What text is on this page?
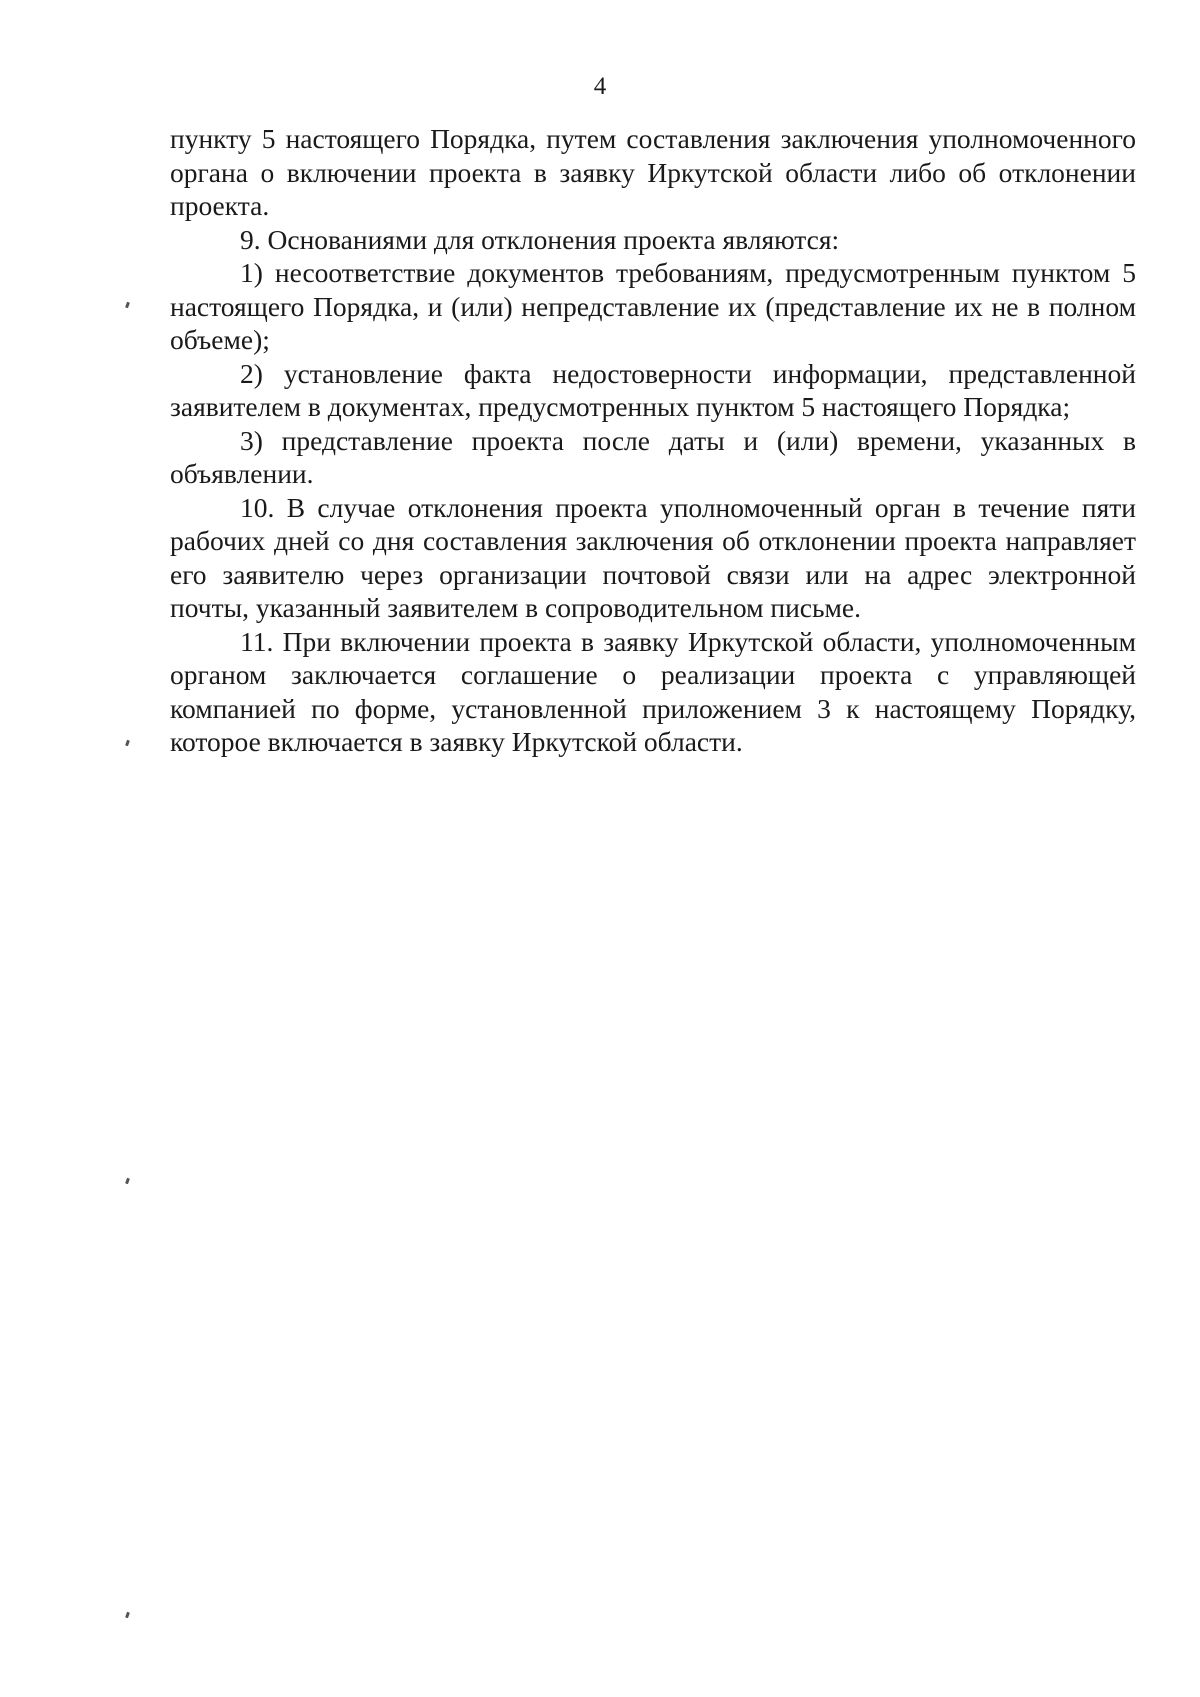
4

пункту 5 настоящего Порядка, путем составления заключения уполномоченного органа о включении проекта в заявку Иркутской области либо об отклонении проекта.

9. Основаниями для отклонения проекта являются:

1) несоответствие документов требованиям, предусмотренным пунктом 5 настоящего Порядка, и (или) непредставление их (представление их не в полном объеме);

2) установление факта недостоверности информации, представленной заявителем в документах, предусмотренных пунктом 5 настоящего Порядка;

3) представление проекта после даты и (или) времени, указанных в объявлении.

10. В случае отклонения проекта уполномоченный орган в течение пяти рабочих дней со дня составления заключения об отклонении проекта направляет его заявителю через организации почтовой связи или на адрес электронной почты, указанный заявителем в сопроводительном письме.

11. При включении проекта в заявку Иркутской области, уполномоченным органом заключается соглашение о реализации проекта с управляющей компанией по форме, установленной приложением 3 к настоящему Порядку, которое включается в заявку Иркутской области.
